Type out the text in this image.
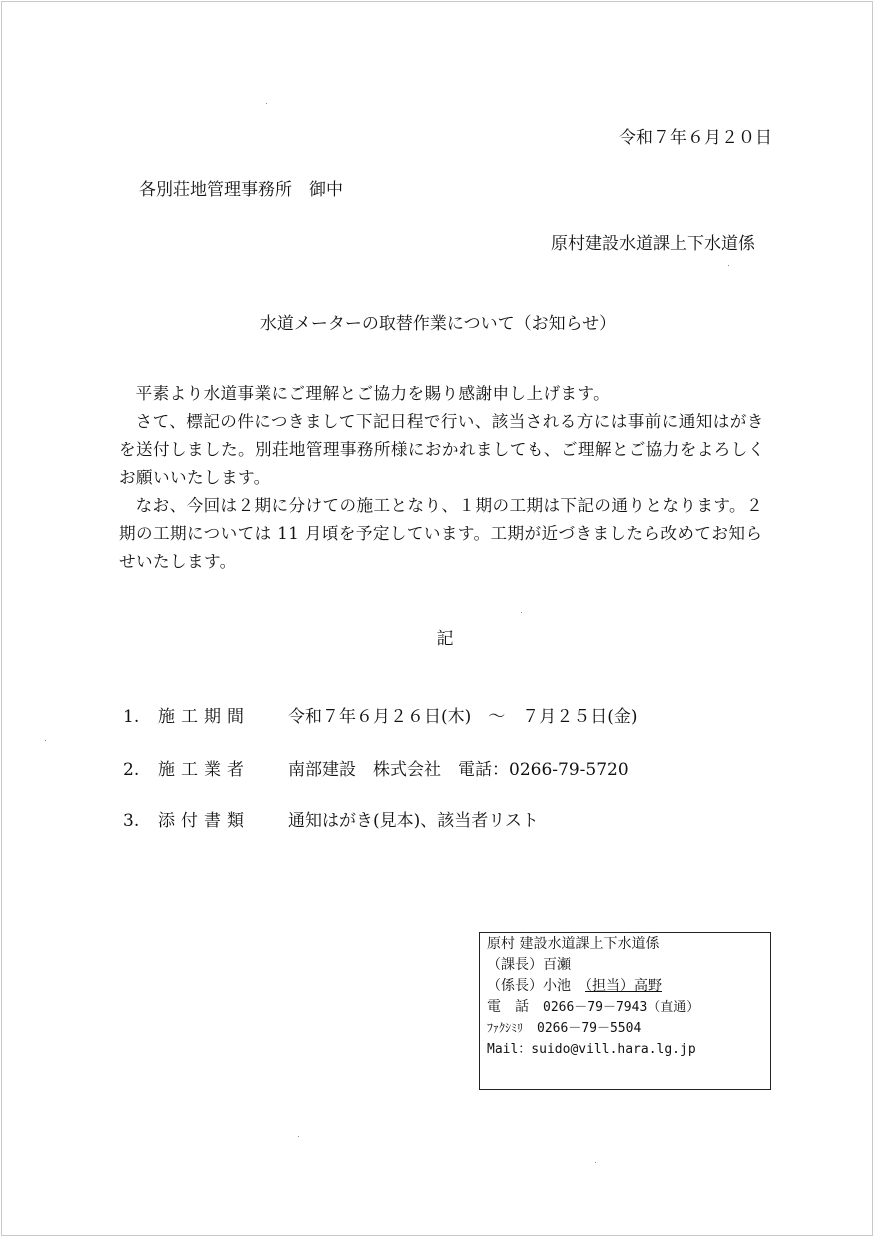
令和７年６月２０日
各別荘地管理事務所　御中
原村建設水道課上下水道係
水道メーターの取替作業について（お知らせ）

平素より水道事業にご理解とご協力を賜り感謝申し上げます。

さて、標記の件につきまして下記日程で行い、該当される方には事前に通知はがきを送付しました。別荘地管理事務所様におかれましても、ご理解とご協力をよろしくお願いいたします。

なお、今回は２期に分けての施工となり、１期の工期は下記の通りとなります。２期の工期については 11 月頃を予定しています。工期が近づきましたら改めてお知らせいたします。

記
1. 施工期間 令和７年６月２６日(木)　～　７月２５日(金)
2. 施工業者 南部建設　株式会社　電話：0266-79-5720
3. 添付書類 通知はがき(見本)、該当者リスト
原村 建設水道課上下水道係
（課長）百瀬
（係長）小池　（担当）高野
電　話　 0266－79－7943（直通）
ﾌｧｸｼﾐﾘ　 0266－79－5504
Mail：suido@vill.hara.lg.jp
